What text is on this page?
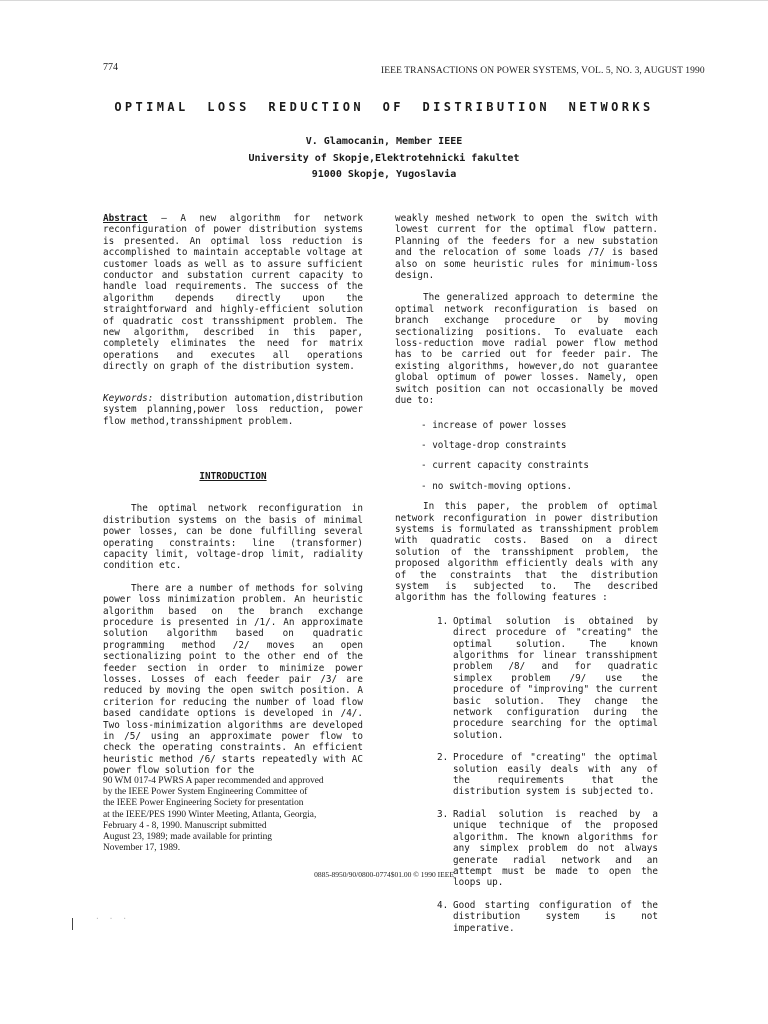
774	IEEE TRANSACTIONS ON POWER SYSTEMS, VOL. 5, NO. 3, AUGUST 1990
OPTIMAL LOSS REDUCTION OF DISTRIBUTION NETWORKS
V. Glamocanin, Member IEEE
University of Skopje,Elektrotehnicki fakultet
91000 Skopje, Yugoslavia

Abstract – A new algorithm for network reconfiguration of power distribution systems is presented. An optimal loss reduction is accomplished to maintain acceptable voltage at customer loads as well as to assure sufficient conductor and substation current capacity to handle load requirements. The success of the algorithm depends directly upon the straightforward and highly-efficient solution of quadratic cost transshipment problem. The new algorithm, described in this paper, completely eliminates the need for matrix operations and executes all operations directly on graph of the distribution system.

Keywords: distribution automation,distribution system planning,power loss reduction, power flow method,transshipment problem.

INTRODUCTION

The optimal network reconfiguration in distribution systems on the basis of minimal power losses, can be done fulfilling several operating constraints: line (transformer) capacity limit, voltage-drop limit, radiality condition etc.

There are a number of methods for solving power loss minimization problem. An heuristic algorithm based on the branch exchange procedure is presented in /1/. An approximate solution algorithm based on quadratic programming method /2/ moves an open sectionalizing point to the other end of the feeder section in order to minimize power losses. Losses of each feeder pair /3/ are reduced by moving the open switch position. A criterion for reducing the number of load flow based candidate options is developed in /4/. Two loss-minimization algorithms are developed in /5/ using an approximate power flow to check the operating constraints. An efficient heuristic method /6/ starts repeatedly with AC power flow solution for the

weakly meshed network to open the switch with lowest current for the optimal flow pattern. Planning of the feeders for a new substation and the relocation of some loads /7/ is based also on some heuristic rules for minimum-loss design.

The generalized approach to determine the optimal network reconfiguration is based on branch exchange procedure or by moving sectionalizing positions. To evaluate each loss-reduction move radial power flow method has to be carried out for feeder pair. The existing algorithms, however,do not guarantee global optimum of power losses. Namely, open switch position can not occasionally be moved due to:

- increase of power losses
- voltage-drop constraints
- current capacity constraints
- no switch-moving options.

In this paper, the problem of optimal network reconfiguration in power distribution systems is formulated as transshipment problem with quadratic costs. Based on a direct solution of the transshipment problem, the proposed algorithm efficiently deals with any of the constraints that the distribution system is subjected to. The described algorithm has the following features :

1. Optimal solution is obtained by direct procedure of "creating" the optimal solution. The known algorithms for linear transshipment problem /8/ and for quadratic simplex problem /9/ use the procedure of "improving" the current basic solution. They change the network configuration during the procedure searching for the optimal solution.
2. Procedure of "creating" the optimal solution easily deals with any of the requirements that the distribution system is subjected to.
3. Radial solution is reached by a unique technique of the proposed algorithm. The known algorithms for any simplex problem do not always generate radial network and an attempt must be made to open the loops up.
4. Good starting configuration of the distribution system is not imperative.
90 WM 017-4 PWRS A paper recommended and approved
by the IEEE Power System Engineering Committee of
the IEEE Power Engineering Society for presentation
at the IEEE/PES 1990 Winter Meeting, Atlanta, Georgia,
February 4 - 8, 1990. Manuscript submitted
August 23, 1989; made available for printing
November 17, 1989.
0885-8950/90/0800-0774$01.00 © 1990 IEEE
· · ·
